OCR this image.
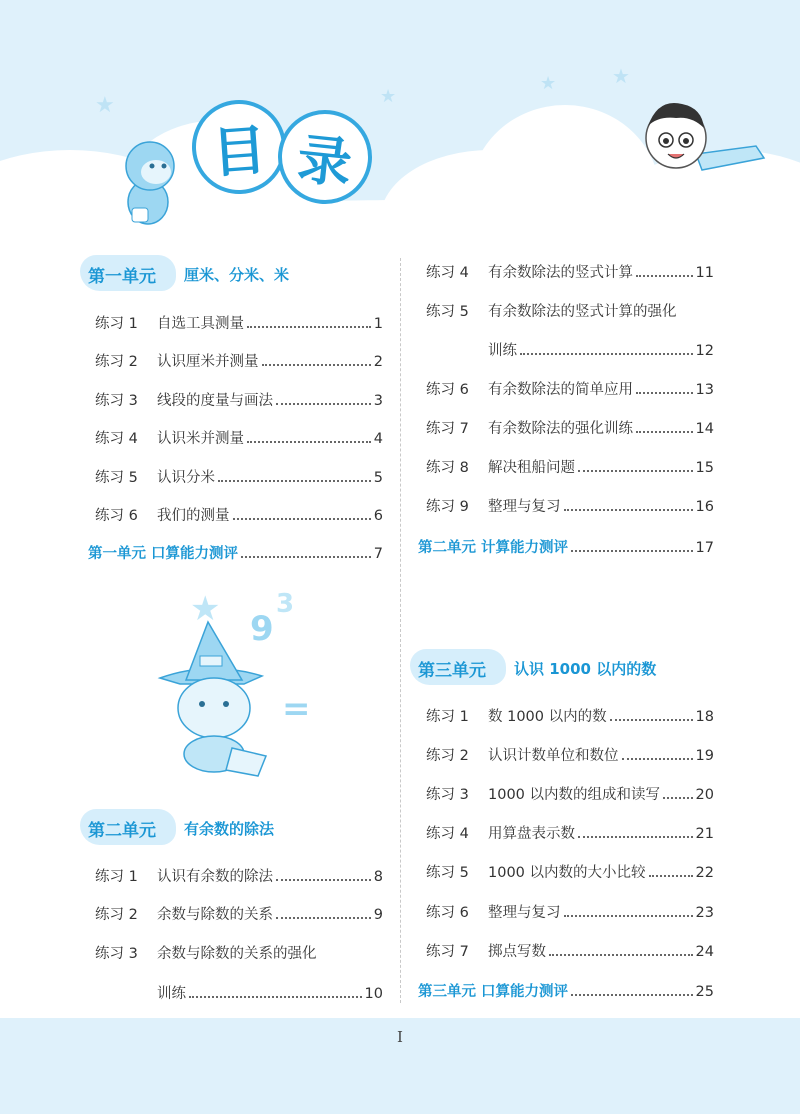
★	★
★	★
目 录
第一单元 厘米、分米、米
练习 1	自选工具测量	1
练习 2	认识厘米并测量	2
练习 3	线段的度量与画法	3
练习 4	认识米并测量	4
练习 5	认识分米	5
练习 6	我们的测量	6
第一单元 口算能力测评	7
★ 9
3
=
第二单元 有余数的除法
练习 1	认识有余数的除法	8
练习 2	余数与除数的关系	9
练习 3	余数与除数的关系的强化
训练	10
练习 4	有余数除法的竖式计算	11
练习 5	有余数除法的竖式计算的强化
训练	12
练习 6	有余数除法的简单应用	13
练习 7	有余数除法的强化训练	14
练习 8	解决租船问题	15
练习 9	整理与复习	16
第二单元 计算能力测评	17
第三单元 认识 1000 以内的数
练习 1	数 1000 以内的数	18
练习 2	认识计数单位和数位	19
练习 3	1000 以内数的组成和读写 20
练习 4	用算盘表示数	21
练习 5	1000 以内数的大小比较	22
练习 6	整理与复习	23
练习 7	掷点写数	24
第三单元 口算能力测评	25
I
